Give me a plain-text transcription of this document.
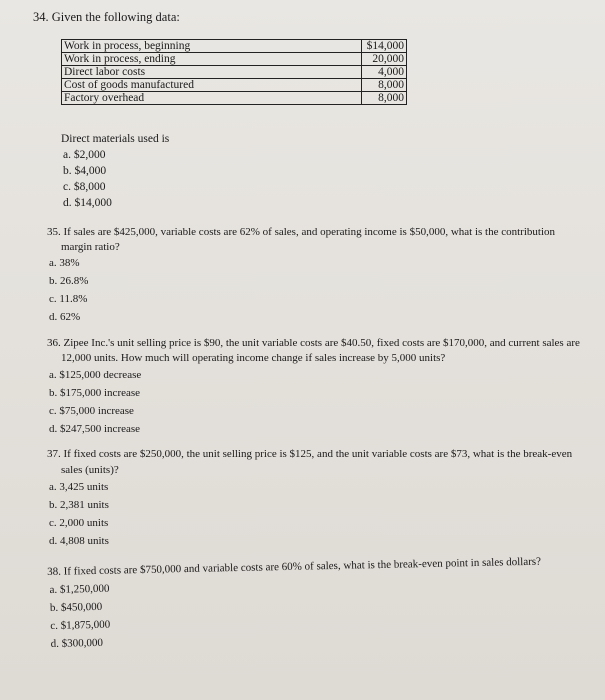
34. Given the following data:
Work in process, beginning	$14,000
Work in process, ending	20,000
Direct labor costs	4,000
Cost of goods manufactured	8,000
Factory overhead	8,000

Direct materials used is

a. $2,000

b. $4,000

c. $8,000

d. $14,000

35. If sales are $425,000, variable costs are 62% of sales, and operating income is $50,000, what is the contribution margin ratio?

a. 38%

b. 26.8%

c. 11.8%

d. 62%

36. Zipee Inc.'s unit selling price is $90, the unit variable costs are $40.50, fixed costs are $170,000, and current sales are 12,000 units. How much will operating income change if sales increase by 5,000 units?

a. $125,000 decrease

b. $175,000 increase

c. $75,000 increase

d. $247,500 increase

37. If fixed costs are $250,000, the unit selling price is $125, and the unit variable costs are $73, what is the break-even sales (units)?

a. 3,425 units

b. 2,381 units

c. 2,000 units

d. 4,808 units

38. If fixed costs are $750,000 and variable costs are 60% of sales, what is the break-even point in sales dollars?

a. $1,250,000

b. $450,000

c. $1,875,000

d. $300,000
